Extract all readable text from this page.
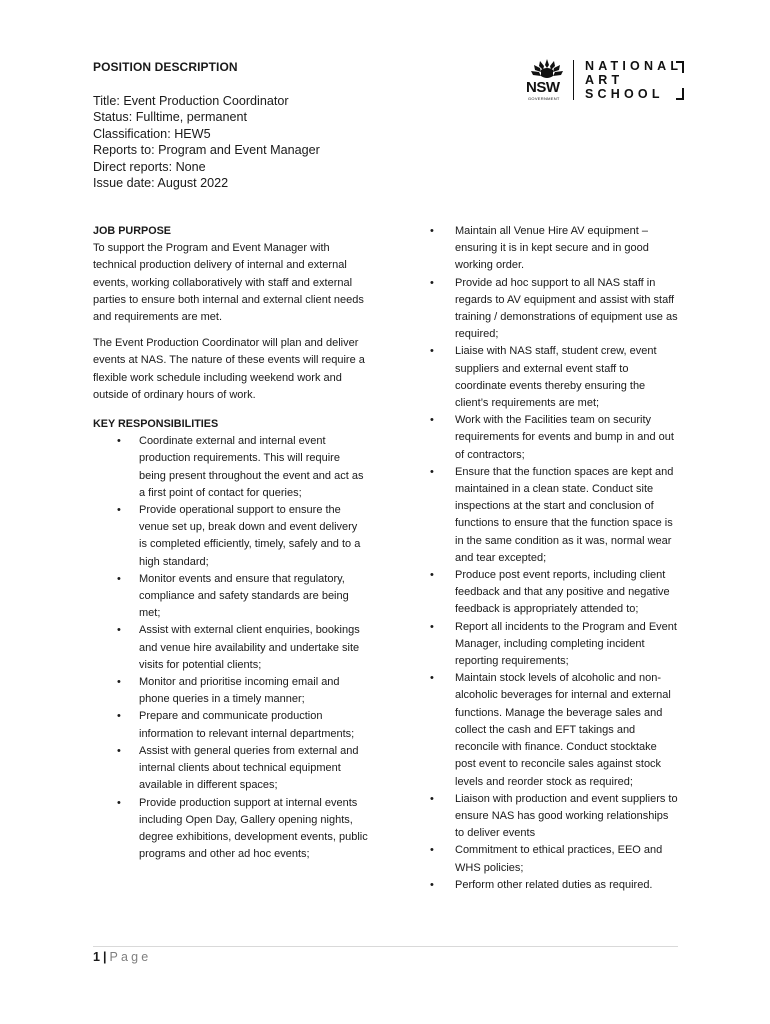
POSITION DESCRIPTION
Title: Event Production Coordinator
Status: Fulltime, permanent
Classification: HEW5
Reports to: Program and Event Manager
Direct reports: None
Issue date: August 2022
NSW
GOVERNMENT
NATIONAL
ART
SCHOOL
JOB PURPOSE

To support the Program and Event Manager with technical production delivery of internal and external events, working collaboratively with staff and external parties to ensure both internal and external client needs and requirements are met.

The Event Production Coordinator will plan and deliver events at NAS. The nature of these events will require a flexible work schedule including weekend work and outside of ordinary hours of work.

KEY RESPONSIBILITIES
• Coordinate external and internal event production requirements. This will require being present throughout the event and act as a first point of contact for queries;
• Provide operational support to ensure the venue set up, break down and event delivery is completed efficiently, timely, safely and to a high standard;
• Monitor events and ensure that regulatory, compliance and safety standards are being met;
• Assist with external client enquiries, bookings and venue hire availability and undertake site visits for potential clients;
• Monitor and prioritise incoming email and phone queries in a timely manner;
• Prepare and communicate production information to relevant internal departments;
• Assist with general queries from external and internal clients about technical equipment available in different spaces;
• Provide production support at internal events including Open Day, Gallery opening nights, degree exhibitions, development events, public programs and other ad hoc events;
• Maintain all Venue Hire AV equipment – ensuring it is in kept secure and in good working order.
• Provide ad hoc support to all NAS staff in regards to AV equipment and assist with staff training / demonstrations of equipment use as required;
• Liaise with NAS staff, student crew, event suppliers and external event staff to coordinate events thereby ensuring the client’s requirements are met;
• Work with the Facilities team on security requirements for events and bump in and out of contractors;
• Ensure that the function spaces are kept and maintained in a clean state. Conduct site inspections at the start and conclusion of functions to ensure that the function space is in the same condition as it was, normal wear and tear excepted;
• Produce post event reports, including client feedback and that any positive and negative feedback is appropriately attended to;
• Report all incidents to the Program and Event Manager, including completing incident reporting requirements;
• Maintain stock levels of alcoholic and non-alcoholic beverages for internal and external functions. Manage the beverage sales and collect the cash and EFT takings and reconcile with finance. Conduct stocktake post event to reconcile sales against stock levels and reorder stock as required;
• Liaison with production and event suppliers to ensure NAS has good working relationships to deliver events
• Commitment to ethical practices, EEO and WHS policies;
• Perform other related duties as required.
1 | Page
